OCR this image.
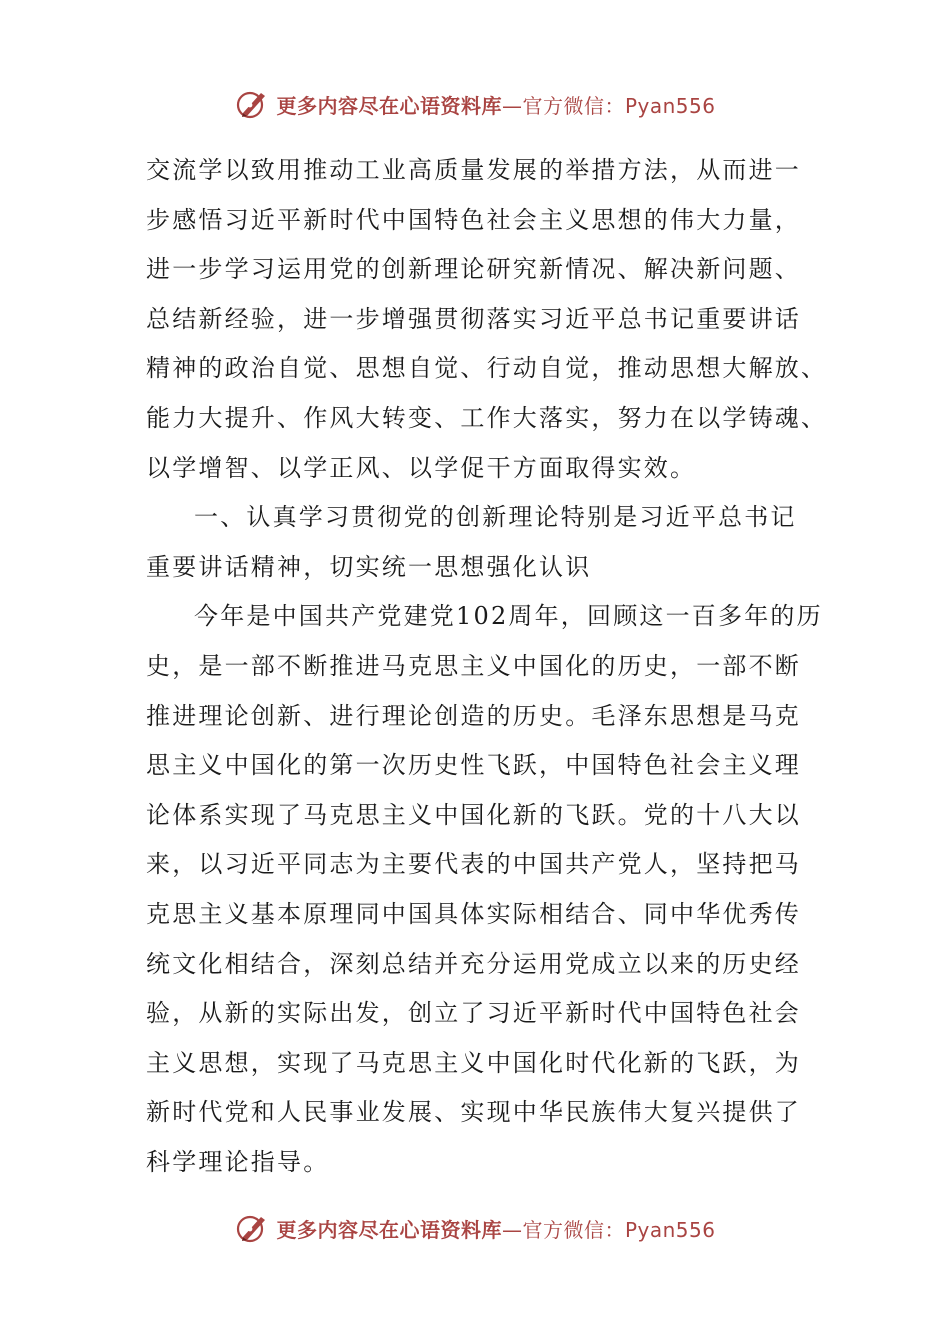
更多内容尽在心语资料库—官方微信：Pyan556
交流学以致用推动工业高质量发展的举措方法，从而进一
步感悟习近平新时代中国特色社会主义思想的伟大力量，
进一步学习运用党的创新理论研究新情况、解决新问题、
总结新经验，进一步增强贯彻落实习近平总书记重要讲话
精神的政治自觉、思想自觉、行动自觉，推动思想大解放、
能力大提升、作风大转变、工作大落实，努力在以学铸魂、
以学增智、以学正风、以学促干方面取得实效。
一、认真学习贯彻党的创新理论特别是习近平总书记
重要讲话精神，切实统一思想强化认识
今年是中国共产党建党102周年，回顾这一百多年的历
史，是一部不断推进马克思主义中国化的历史，一部不断
推进理论创新、进行理论创造的历史。毛泽东思想是马克
思主义中国化的第一次历史性飞跃，中国特色社会主义理
论体系实现了马克思主义中国化新的飞跃。党的十八大以
来，以习近平同志为主要代表的中国共产党人，坚持把马
克思主义基本原理同中国具体实际相结合、同中华优秀传
统文化相结合，深刻总结并充分运用党成立以来的历史经
验，从新的实际出发，创立了习近平新时代中国特色社会
主义思想，实现了马克思主义中国化时代化新的飞跃，为
新时代党和人民事业发展、实现中华民族伟大复兴提供了
科学理论指导。
更多内容尽在心语资料库—官方微信：Pyan556
